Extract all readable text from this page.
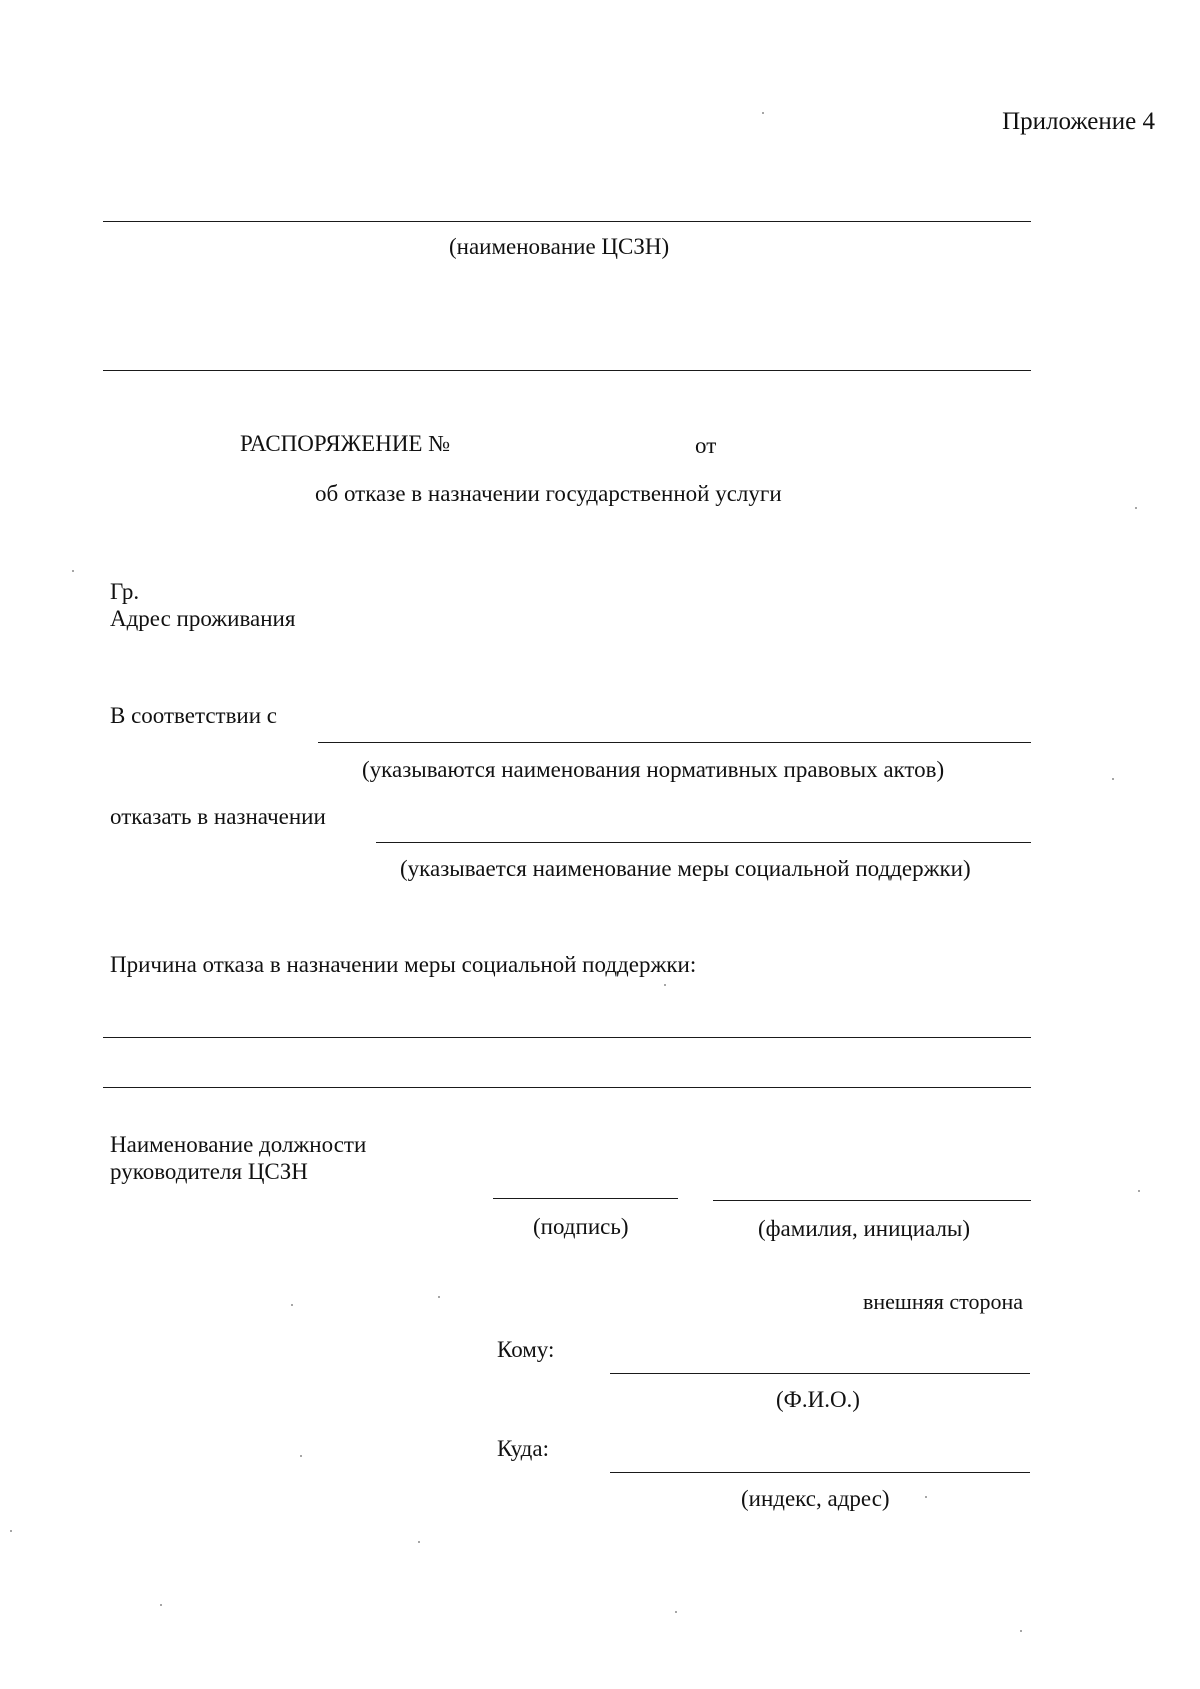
Приложение 4
(наименование ЦСЗН)
РАСПОРЯЖЕНИЕ №	от
об отказе в назначении государственной услуги
Гр.
Адрес проживания
В соответствии с
(указываются наименования нормативных правовых актов)
отказать в назначении
(указывается наименование меры социальной поддержки)
Причина отказа в назначении меры социальной поддержки:
Наименование должности
руководителя ЦСЗН
(подпись)	(фамилия, инициалы)
внешняя сторона
Кому:
(Ф.И.О.)
Куда:
(индекс, адрес)
